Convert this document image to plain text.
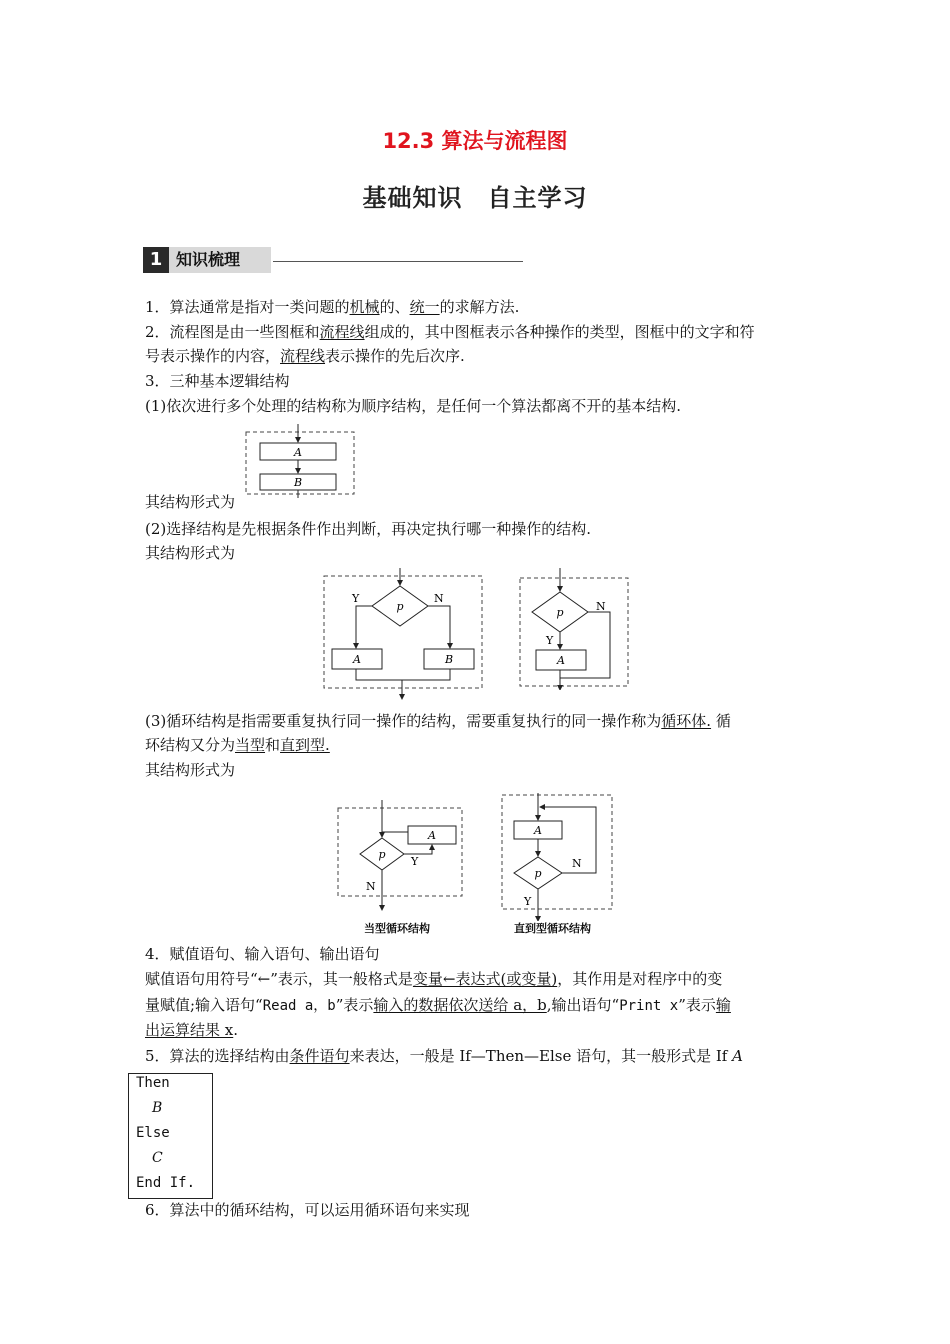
12.3 算法与流程图
基础知识　自主学习
1 知识梳理
1．算法通常是指对一类问题的机械的、统一的求解方法.
2．流程图是由一些图框和流程线组成的，其中图框表示各种操作的类型，图框中的文字和符
号表示操作的内容，流程线表示操作的先后次序.
3．三种基本逻辑结构
(1)依次进行多个处理的结构称为顺序结构，是任何一个算法都离不开的基本结构.
A
B
其结构形式为
(2)选择结构是先根据条件作出判断，再决定执行哪一种操作的结构.
其结构形式为
p
Y	N
A	B
p	N
Y
A
(3)循环结构是指需要重复执行同一操作的结构，需要重复执行的同一操作称为循环体. 循
环结构又分为当型和直到型.
其结构形式为
p
A
Y
N
当型循环结构
A
p
N
Y
直到型循环结构
4．赋值语句、输入语句、输出语句
赋值语句用符号“←”表示，其一般格式是变量←表达式(或变量)，其作用是对程序中的变
量赋值;输入语句“Read a，b”表示输入的数据依次送给 a，b,输出语句“Print x”表示输
出运算结果 x.
5．算法的选择结构由条件语句来表达，一般是 If—Then—Else 语句，其一般形式是 If A
Then
B
Else
C
End If.
6．算法中的循环结构，可以运用循环语句来实现
